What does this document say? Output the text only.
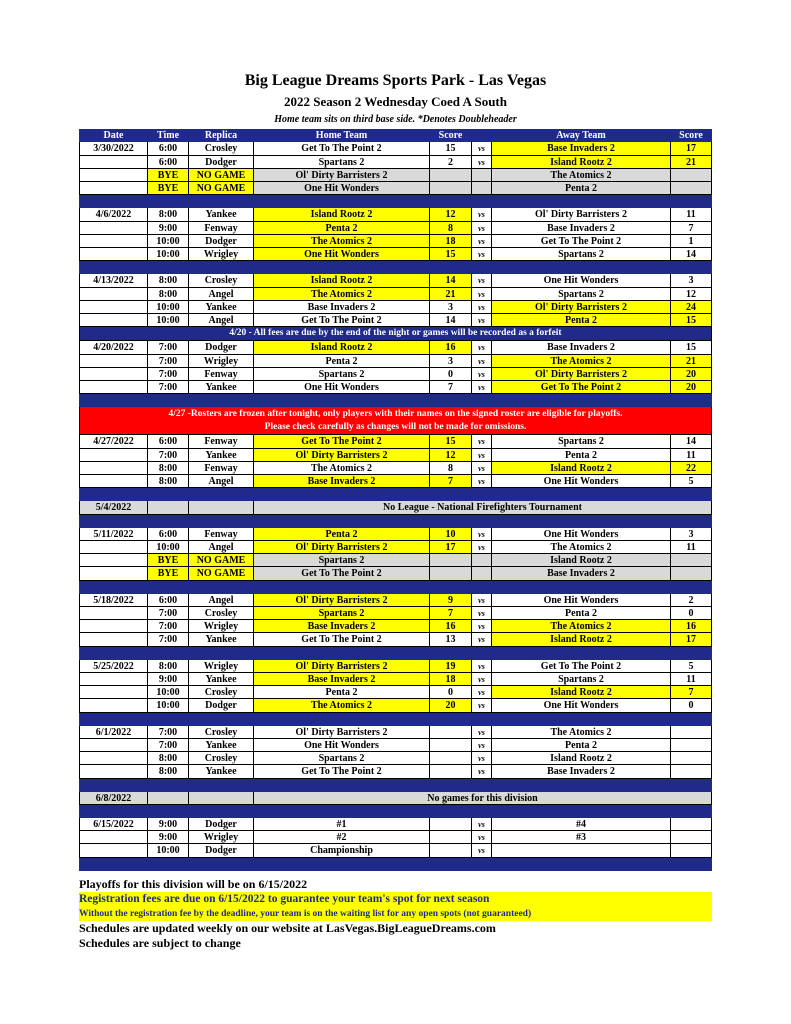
Big League Dreams Sports Park - Las Vegas
2022 Season 2 Wednesday Coed A South
Home team sits on third base side. *Denotes Doubleheader
Date	Time	Replica	Home Team	Score	Away Team	Score
3/30/2022	6:00	Crosley	Get To The Point 2	15	vs	Base Invaders 2	17
6:00	Dodger	Spartans 2	2	vs	Island Rootz 2	21
BYE	NO GAME	Ol' Dirty Barristers 2	The Atomics 2
BYE	NO GAME	One Hit Wonders	Penta 2
4/6/2022	8:00	Yankee	Island Rootz 2	12	vs	Ol' Dirty Barristers 2	11
9:00	Fenway	Penta 2	8	vs	Base Invaders 2	7
10:00	Dodger	The Atomics 2	18	vs	Get To The Point 2	1
10:00	Wrigley	One Hit Wonders	15	vs	Spartans 2	14
4/13/2022	8:00	Crosley	Island Rootz 2	14	vs	One Hit Wonders	3
8:00	Angel	The Atomics 2	21	vs	Spartans 2	12
10:00	Yankee	Base Invaders 2	3	vs	Ol' Dirty Barristers 2	24
10:00	Angel	Get To The Point 2	14	vs	Penta 2	15
4/20 - All fees are due by the end of the night or games will be recorded as a forfeit
4/20/2022	7:00	Dodger	Island Rootz 2	16	vs	Base Invaders 2	15
7:00	Wrigley	Penta 2	3	vs	The Atomics 2	21
7:00	Fenway	Spartans 2	0	vs	Ol' Dirty Barristers 2	20
7:00	Yankee	One Hit Wonders	7	vs	Get To The Point 2	20
4/27 -Rosters are frozen after tonight, only players with their names on the signed roster are eligible for playoffs.
Please check carefully as changes will not be made for omissions.
4/27/2022	6:00	Fenway	Get To The Point 2	15	vs	Spartans 2	14
7:00	Yankee	Ol' Dirty Barristers 2	12	vs	Penta 2	11
8:00	Fenway	The Atomics 2	8	vs	Island Rootz 2	22
8:00	Angel	Base Invaders 2	7	vs	One Hit Wonders	5
5/4/2022	No League - National Firefighters Tournament
5/11/2022	6:00	Fenway	Penta 2	10	vs	One Hit Wonders	3
10:00	Angel	Ol' Dirty Barristers 2	17	vs	The Atomics 2	11
BYE	NO GAME	Spartans 2	Island Rootz 2
BYE	NO GAME	Get To The Point 2	Base Invaders 2
5/18/2022	6:00	Angel	Ol' Dirty Barristers 2	9	vs	One Hit Wonders	2
7:00	Crosley	Spartans 2	7	vs	Penta 2	0
7:00	Wrigley	Base Invaders 2	16	vs	The Atomics 2	16
7:00	Yankee	Get To The Point 2	13	vs	Island Rootz 2	17
5/25/2022	8:00	Wrigley	Ol' Dirty Barristers 2	19	vs	Get To The Point 2	5
9:00	Yankee	Base Invaders 2	18	vs	Spartans 2	11
10:00	Crosley	Penta 2	0	vs	Island Rootz 2	7
10:00	Dodger	The Atomics 2	20	vs	One Hit Wonders	0
6/1/2022	7:00	Crosley	Ol' Dirty Barristers 2	vs	The Atomics 2
7:00	Yankee	One Hit Wonders	vs	Penta 2
8:00	Crosley	Spartans 2	vs	Island Rootz 2
8:00	Yankee	Get To The Point 2	vs	Base Invaders 2
6/8/2022	No games for this division
6/15/2022	9:00	Dodger	#1	vs	#4
9:00	Wrigley	#2	vs	#3
10:00	Dodger	Championship	vs
Playoffs for this division will be on 6/15/2022
Registration fees are due on 6/15/2022 to guarantee your team's spot for next season
Without the registration fee by the deadline, your team is on the waiting list for any open spots (not guaranteed)
Schedules are updated weekly on our website at LasVegas.BigLeagueDreams.com
Schedules are subject to change
